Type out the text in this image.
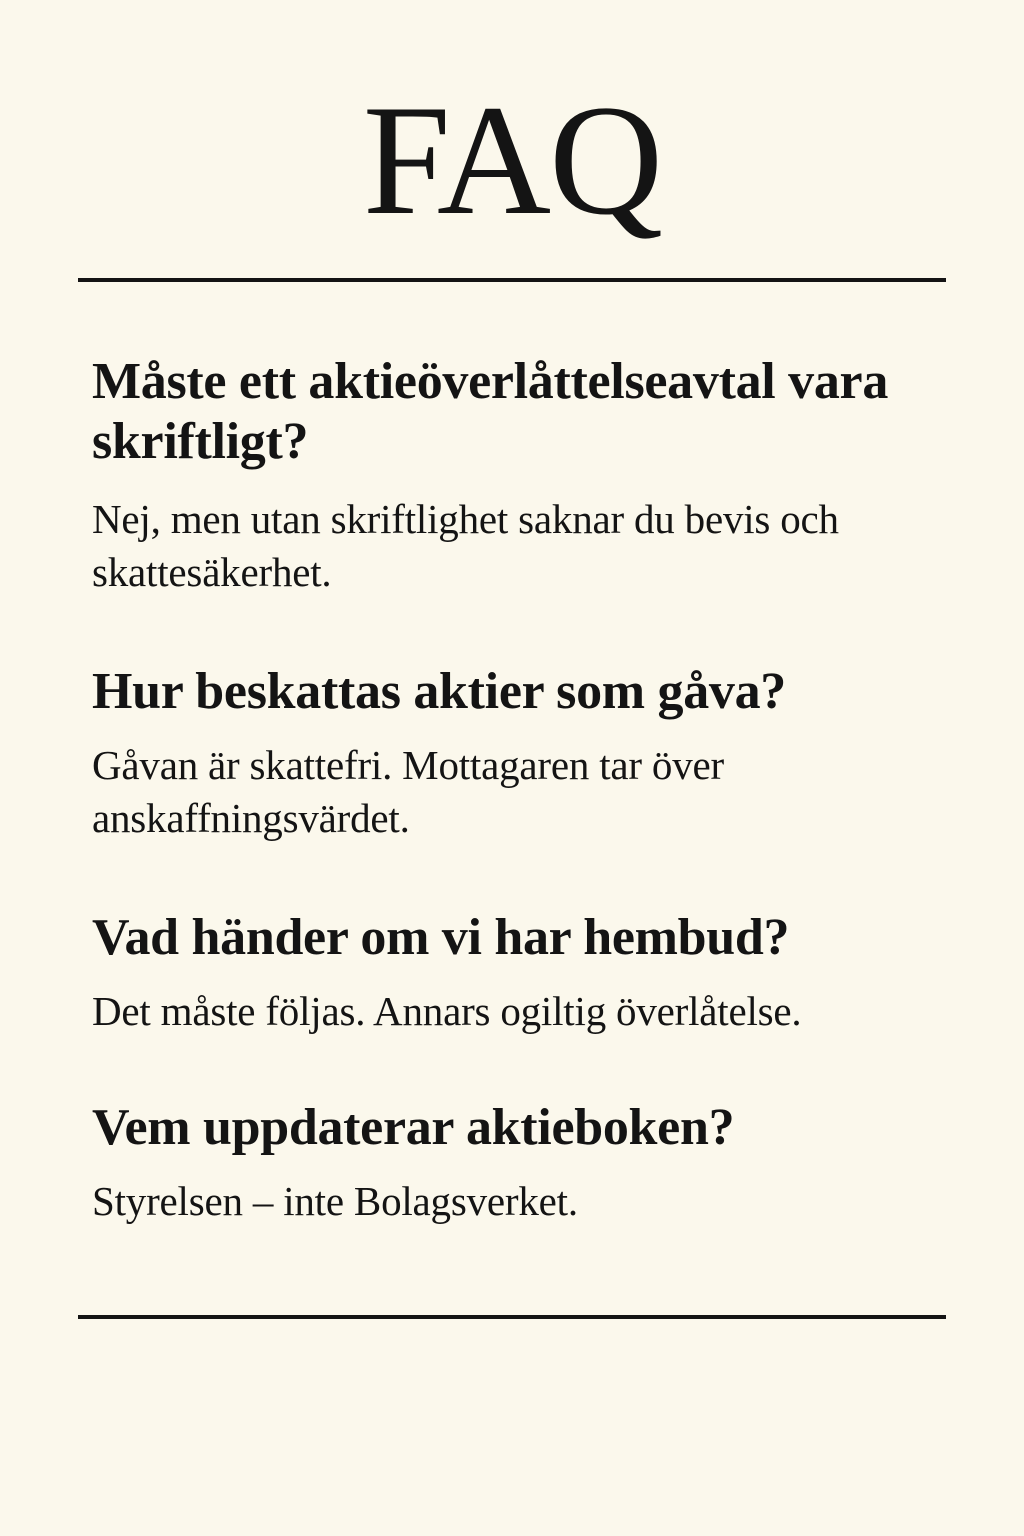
FAQ
Måste ett aktieöverlåttelseavtal vara skriftligt?

Nej, men utan skriftlighet saknar du bevis och skattesäkerhet.

Hur beskattas aktier som gåva?

Gåvan är skattefri. Mottagaren tar över anskaffningsvärdet.

Vad händer om vi har hembud?

Det måste följas. Annars ogiltig överlåtelse.

Vem uppdaterar aktieboken?

Styrelsen – inte Bolagsverket.
